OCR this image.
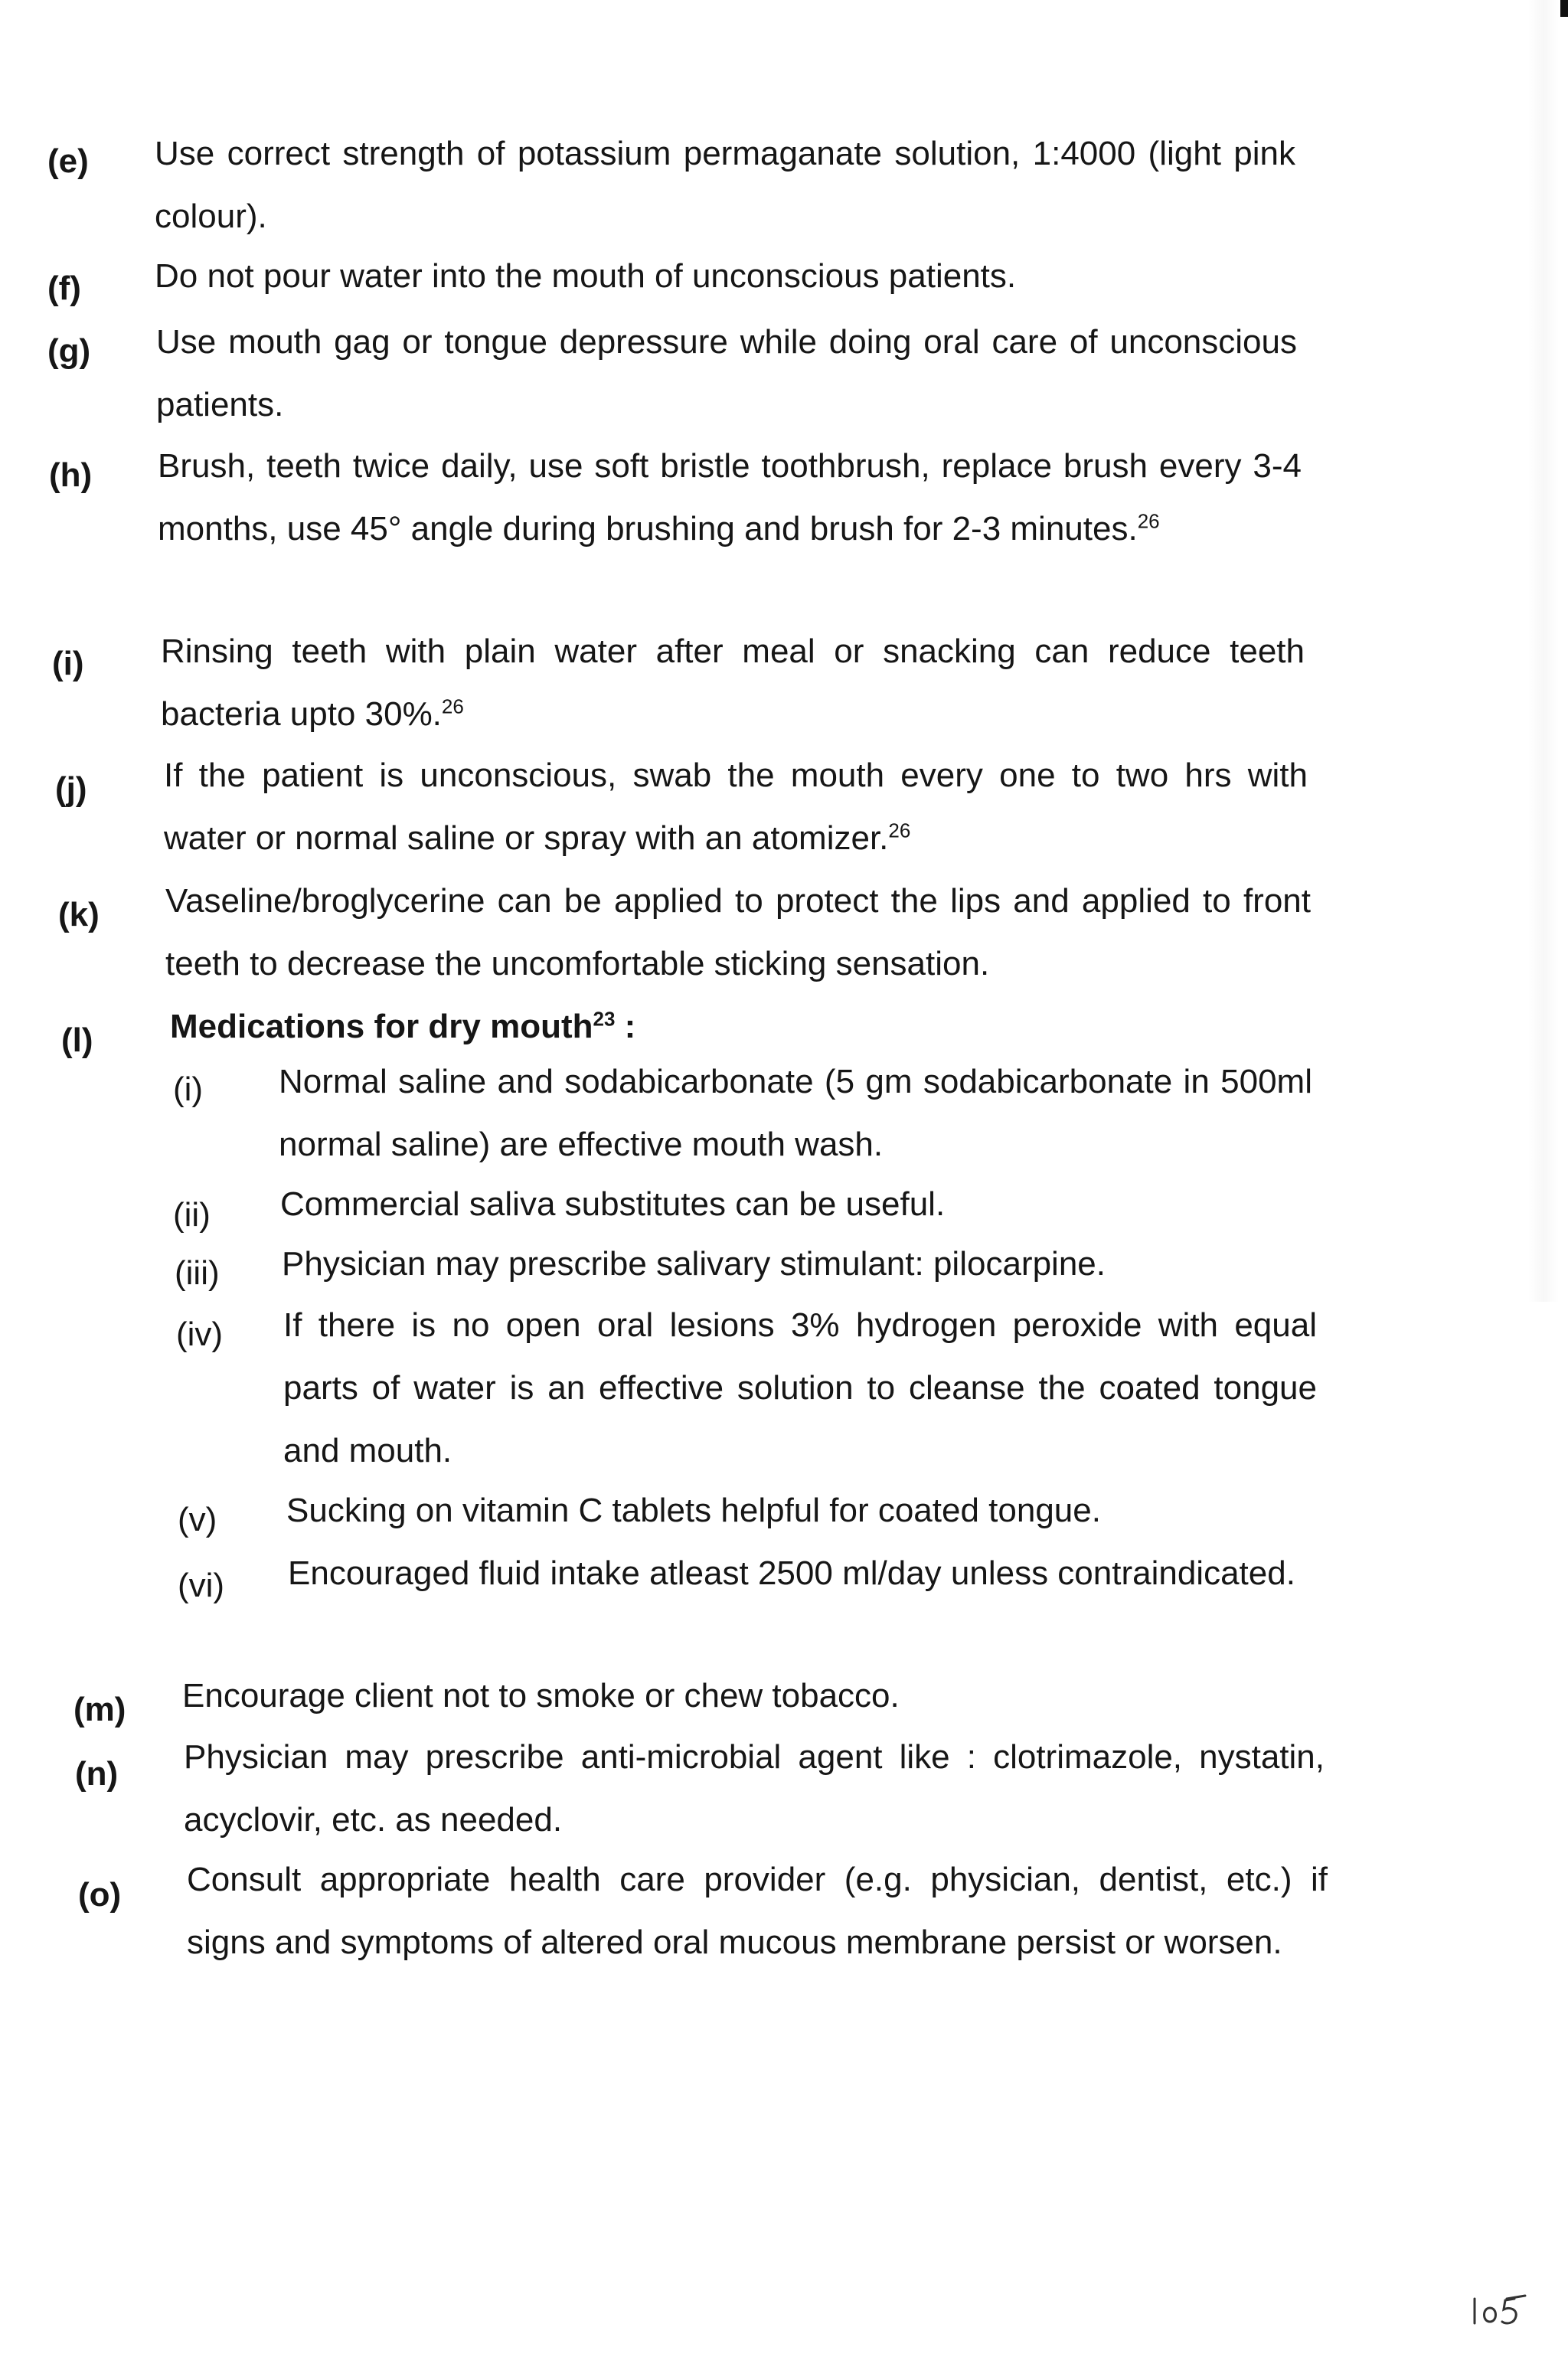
(e) Use correct strength of potassium permaganate solution, 1:4000 (light pink colour).
(f) Do not pour water into the mouth of unconscious patients.
(g) Use mouth gag or tongue depressure while doing oral care of unconscious patients.
(h) Brush, teeth twice daily, use soft bristle toothbrush, replace brush every 3-4 months, use 45° angle during brushing and brush for 2-3 minutes.$^{26}$
(i) Rinsing teeth with plain water after meal or snacking can reduce teeth bacteria upto 30%.$^{26}$
(j) If the patient is unconscious, swab the mouth every one to two hrs with water or normal saline or spray with an atomizer.$^{26}$
(k) Vaseline/broglycerine can be applied to protect the lips and applied to front teeth to decrease the uncomfortable sticking sensation.
(l) Medications for dry mouth$^{23}$ :
(i) Normal saline and sodabicarbonate (5 gm sodabicarbonate in 500ml normal saline) are effective mouth wash.
(ii) Commercial saliva substitutes can be useful.
(iii) Physician may prescribe salivary stimulant: pilocarpine.
(iv) If there is no open oral lesions 3% hydrogen peroxide with equal parts of water is an effective solution to cleanse the coated tongue and mouth.
(v) Sucking on vitamin C tablets helpful for coated tongue.
(vi) Encouraged fluid intake atleast 2500 ml/day unless contraindicated.
(m) Encourage client not to smoke or chew tobacco.
(n) Physician may prescribe anti-microbial agent like : clotrimazole, nystatin, acyclovir, etc. as needed.
(o) Consult appropriate health care provider (e.g. physician, dentist, etc.) if signs and symptoms of altered oral mucous membrane persist or worsen.
